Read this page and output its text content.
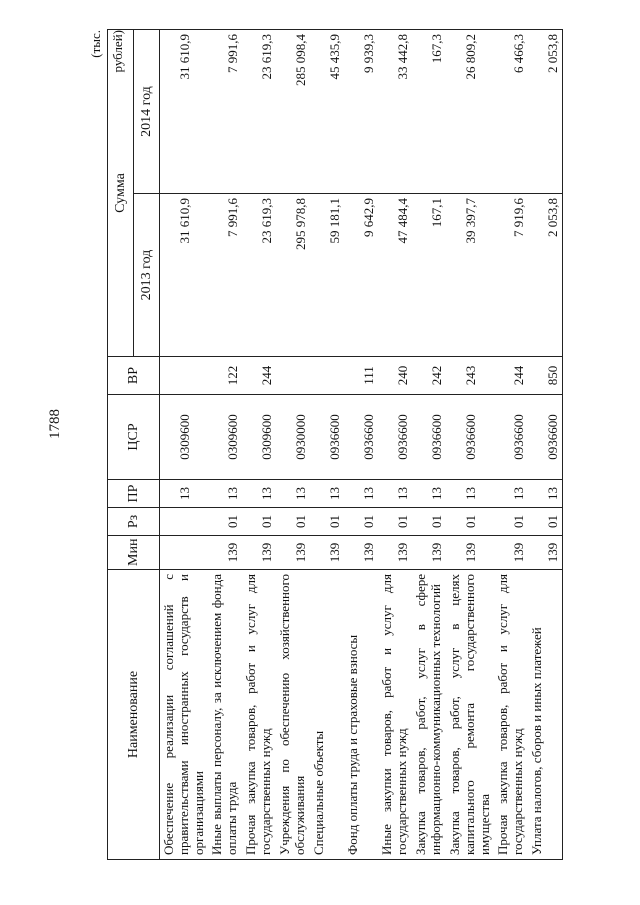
1788
(тыс. рублей)
Наименование	Мин	Рз	ПР	ЦСР	ВР	Сумма	
						2013 год	2014 год
Обеспечение реализации соглашений с правительствами иностранных государств и организациями			13	0309600		31 610,9	31 610,9
Иные выплаты персоналу, за исключением фонда оплаты труда	139	01	13	0309600	122	7 991,6	7 991,6
Прочая закупка товаров, работ и услуг для государственных нужд	139	01	13	0309600	244	23 619,3	23 619,3
Учреждения по обеспечению хозяйственного обслуживания	139	01	13	0930000		295 978,8	285 098,4
Специальные объекты	139	01	13	0936600		59 181,1	45 435,9
Фонд оплаты труда и страховые взносы	139	01	13	0936600	111	9 642,9	9 939,3
Иные закупки товаров, работ и услуг для государственных нужд	139	01	13	0936600	240	47 484,4	33 442,8
Закупка товаров, работ, услуг в сфере информационно-коммуникационных технологий	139	01	13	0936600	242	167,1	167,3
Закупка товаров, работ, услуг в целях капитального ремонта государственного имущества	139	01	13	0936600	243	39 397,7	26 809,2
Прочая закупка товаров, работ и услуг для государственных нужд	139	01	13	0936600	244	7 919,6	6 466,3
Уплата налогов, сборов и иных платежей	139	01	13	0936600	850	2 053,8	2 053,8
